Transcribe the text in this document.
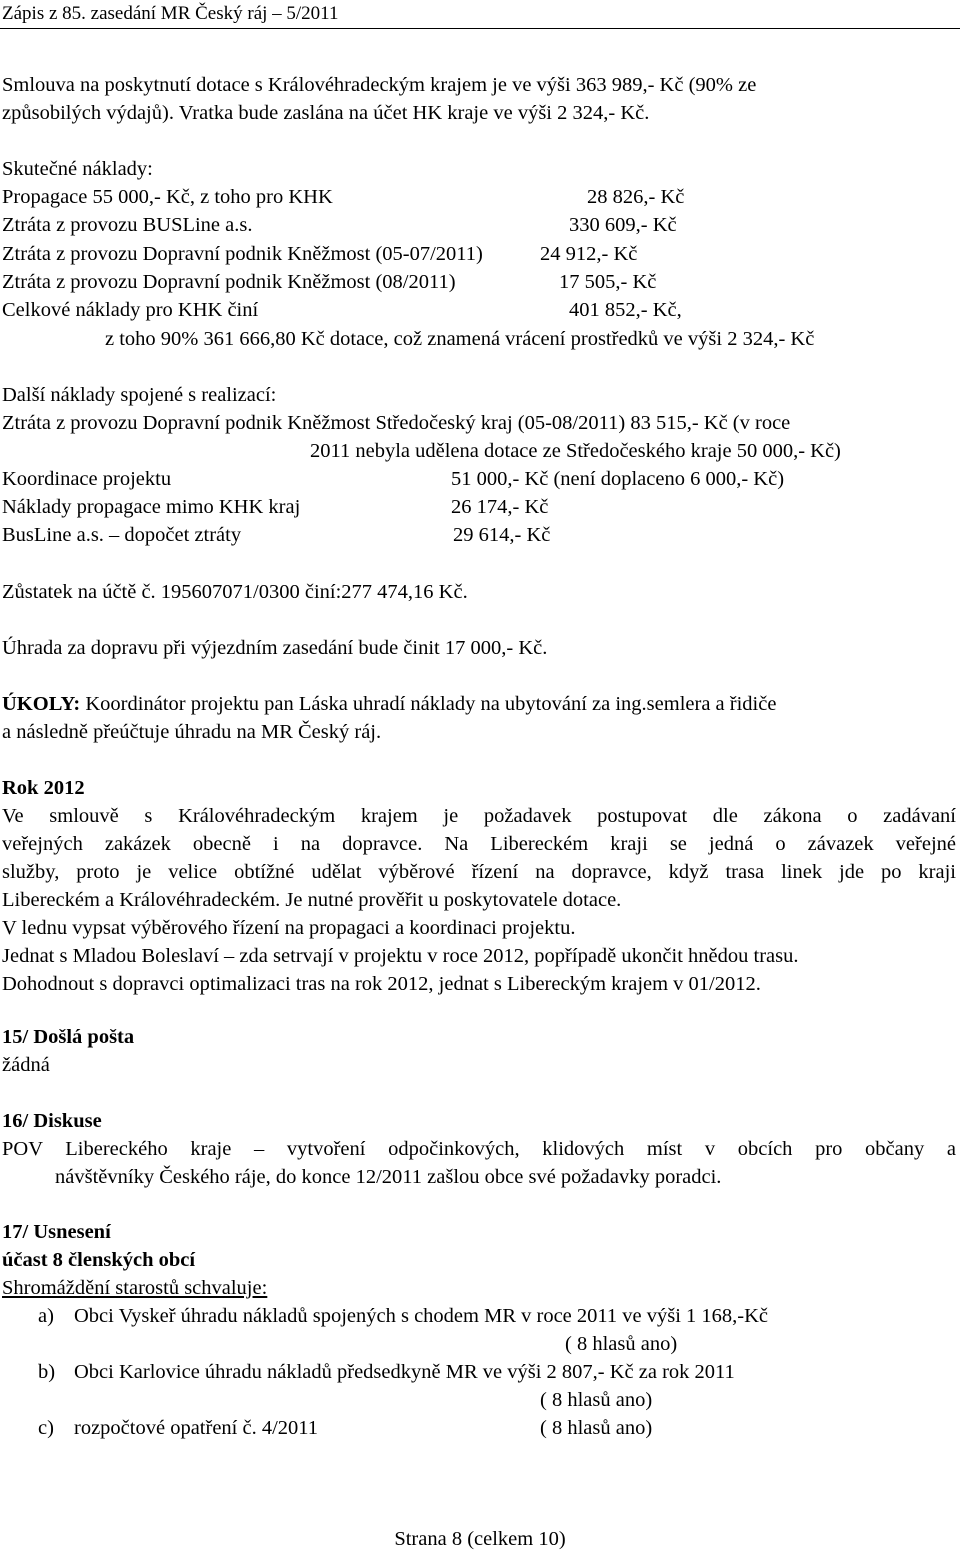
Zápis z 85. zasedání MR Český ráj – 5/2011
Smlouva na poskytnutí dotace s Královéhradeckým krajem je ve výši 363 989,- Kč (90% ze
způsobilých výdajů). Vratka bude zaslána na účet HK kraje ve výši 2 324,- Kč.
Skutečné náklady:
Propagace 55 000,- Kč, z toho pro KHK	28 826,- Kč
Ztráta z provozu BUSLine a.s.	330 609,- Kč
Ztráta z provozu Dopravní podnik Kněžmost (05-07/2011)	24 912,- Kč
Ztráta z provozu Dopravní podnik Kněžmost (08/2011)	17 505,- Kč
Celkové náklady pro KHK činí	401 852,- Kč,
z toho 90% 361 666,80 Kč dotace, což znamená vrácení prostředků ve výši 2 324,- Kč
Další náklady spojené s realizací:
Ztráta z provozu Dopravní podnik Kněžmost Středočeský kraj (05-08/2011) 83 515,- Kč (v roce
2011 nebyla udělena dotace ze Středočeského kraje 50 000,- Kč)
Koordinace projektu	51 000,- Kč (není doplaceno 6 000,- Kč)
Náklady propagace mimo KHK kraj	26 174,- Kč
BusLine a.s. – dopočet ztráty	29 614,- Kč
Zůstatek na účtě č. 195607071/0300 činí:277 474,16 Kč.
Úhrada za dopravu při výjezdním zasedání bude činit 17 000,- Kč.
ÚKOLY: Koordinátor projektu pan Láska uhradí náklady na ubytování za ing.semlera a řidiče
a následně přeúčtuje úhradu na MR Český ráj.
Rok 2012
Ve smlouvě s Královéhradeckým krajem je požadavek postupovat dle zákona o zadávaní
veřejných zakázek obecně i na dopravce. Na Libereckém kraji se jedná o závazek veřejné
služby, proto je velice obtížné udělat výběrové řízení na dopravce, když trasa linek jde po kraji
Libereckém a Královéhradeckém. Je nutné prověřit u poskytovatele dotace.
V lednu vypsat výběrového řízení na propagaci a koordinaci projektu.
Jednat s Mladou Boleslaví – zda setrvají v projektu v roce 2012, popřípadě ukončit hnědou trasu.
Dohodnout s dopravci optimalizaci tras na rok 2012, jednat s Libereckým krajem v 01/2012.
15/ Došlá pošta
žádná
16/ Diskuse
POV Libereckého kraje – vytvoření odpočinkových, klidových míst v obcích pro občany a
návštěvníky Českého ráje, do konce 12/2011 zašlou obce své požadavky poradci.
17/ Usnesení
účast 8 členských obcí
Shromáždění starostů schvaluje:
a) Obci Vyskeř úhradu nákladů spojených s chodem MR v roce 2011 ve výši 1 168,-Kč
( 8 hlasů ano)
b) Obci Karlovice úhradu nákladů předsedkyně MR ve výši 2 807,- Kč za rok 2011
( 8 hlasů ano)
c) rozpočtové opatření č. 4/2011	( 8 hlasů ano)
Strana 8 (celkem 10)
